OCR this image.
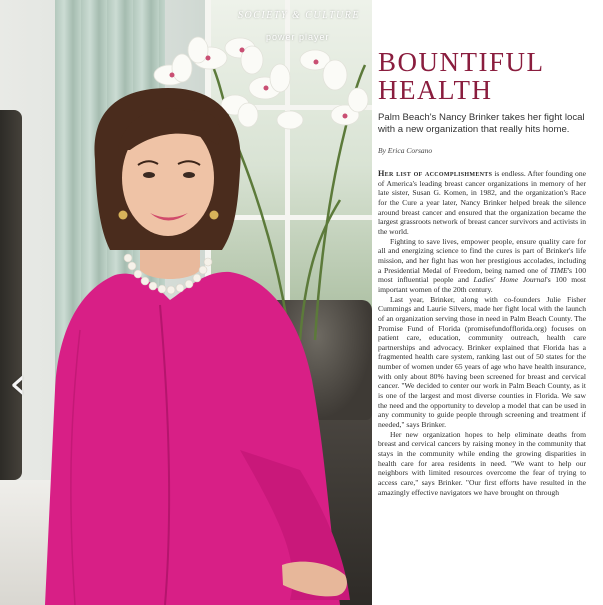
SOCIETY & CULTURE
power player
‹
BOUNTIFUL
HEALTH

Palm Beach's Nancy Brinker takes her fight local with a new organization that really hits home.

By Erica Corsano

Her list of accomplishments is endless. After founding one of America's leading breast cancer organizations in memory of her late sister, Susan G. Komen, in 1982, and the organization's Race for the Cure a year later, Nancy Brinker helped break the silence around breast cancer and ensured that the organization became the largest grassroots network of breast cancer survivors and activists in the world.

Fighting to save lives, empower people, ensure quality care for all and energizing science to find the cures is part of Brinker's life mission, and her fight has won her prestigious accolades, including a Presidential Medal of Freedom, being named one of TIME's 100 most influential people and Ladies' Home Journal's 100 most important women of the 20th century.

Last year, Brinker, along with co-founders Julie Fisher Cummings and Laurie Silvers, made her fight local with the launch of an organization serving those in need in Palm Beach County. The Promise Fund of Florida (promisefundofflorida.org) focuses on patient care, education, community outreach, health care partnerships and advocacy. Brinker explained that Florida has a fragmented health care system, ranking last out of 50 states for the number of women under 65 years of age who have health insurance, with only about 80% having been screened for breast and cervical cancer. "We decided to center our work in Palm Beach County, as it is one of the largest and most diverse counties in Florida. We saw the need and the opportunity to develop a model that can be used in any community to guide people through screening and treatment if needed," says Brinker.

Her new organization hopes to help eliminate deaths from breast and cervical cancers by raising money in the community that stays in the community while ending the growing disparities in health care for area residents in need. "We want to help our neighbors with limited resources overcome the fear of trying to access care," says Brinker. "Our first efforts have resulted in the amazingly effective navigators we have brought on through
